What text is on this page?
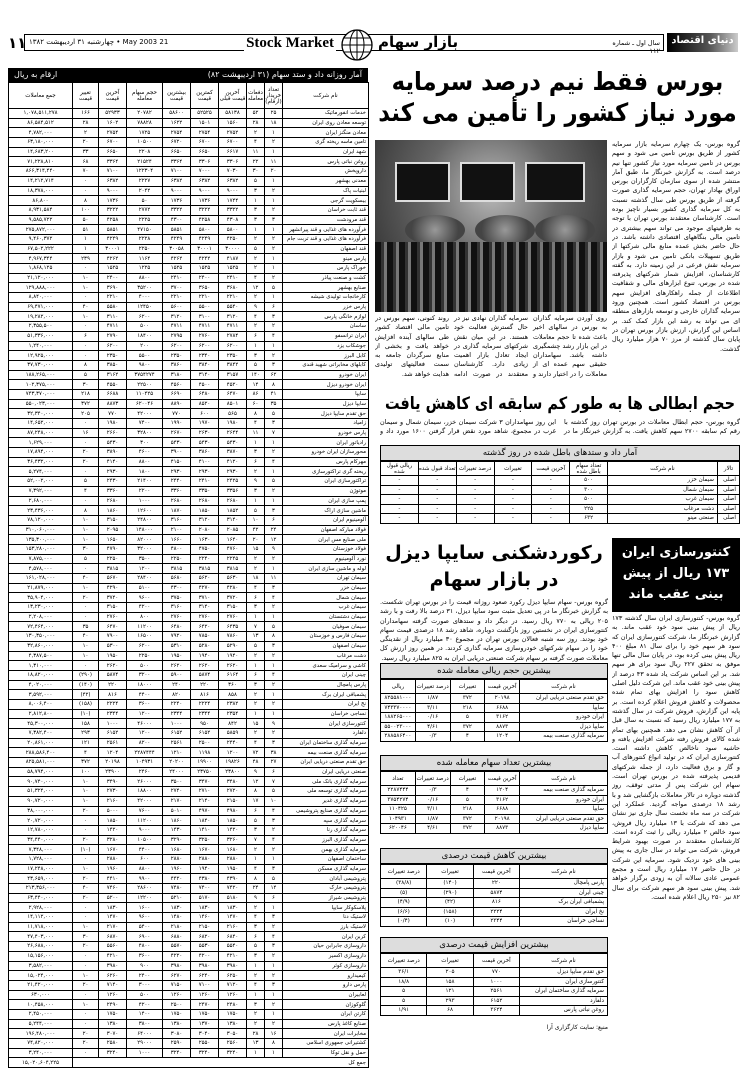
۱۱ 21 May 2003 • چهارشنبه ۳۱ اردیبهشت ۱۳۸۲	Stock Market	بازار سهام	سال اول ـ شماره ۱۱۲
دنیای اقتصاد
آمار روزانه داد و ستد سهام (۳۱ اردیبهشت ۸۲)
ارقام به ریال
نام شرکت	تعداد خریدار (ارقام)	دفعات معامله	آخرین قیمت قبلی	کمترین قیمت	بیشترین قیمت	حجم سهام معامله	آخرین قیمت	تغییر قیمت	جمع معاملات
خدمات انفورماتیک	۲۵	۵۲	۵۸۱۳۸	۵۲۵۲۵	۵۸۶۰۰	۲۰۷۸۲	۵۲۹۳۳	۱۶۶	۱,۰۷۸,۵۱۱,۲۷۸
توسعه معادن روی ایران	۱۸	۲۸	۱۵۶۰	۱۵۰۱	۱۶۲۲	۷۸۸۲۸	۱۶۰۲	۲۸	۸۶,۵۸۴,۵۱۲
معادن منگنز ایران	۱	۲	۲۷۵۲	۲۷۵۴	۲۷۵۴	۱۷۲۵	۲۷۵۴	۲	۴,۷۸۲,۰۰۰
تامین ماسه ریخته گری	۲	۴	۶۷۰۰	۶۷۰۰	۶۷۲۰	۱۰۵۰۰	۶۷۰۰	۲۰	۶۳,۱۸۰,۰۰۰
شهد ایران	۱	۱۱	۶۶۱۷	۶۶۵۰	۶۶۵۰	۲۲۰۸	۶۶۵۰	۳۳	۱۴,۶۸۳,۲۰۰
روغن نباتی پارس	۱۱	۲۲	۳۳۰۶	۳۳۰۶	۳۳۶۴	۲۱۵۲۴	۳۳۶۴	۶۸	۷۱,۲۲۸,۸۱۰
داروپخش	۲۰	۳۰	۷۰۳۰	۷۰۰۰	۷۱۰۰	۱۲۲۳۰۴	۷۱۰۰	۷۰	۸۶۶,۳۱۴,۴۴۰
معدنی بهشهر	۱	۵	۶۳۸۲	۶۳۸۲	۶۳۸۲	۲۲۲۷	۶۳۸۲	۰	۱۴,۲۱۲,۷۱۴
لبنیات پاک	۲	۳	۹۰۰۰	۹۰۰۰	۹۰۰۰	۲۰۴۲	۹۰۰۰	۰	۱۸,۳۷۸,۰۰۰
بیسکویت گرجی	۱	۱	۱۷۴۴	۱۷۳۶	۱۷۳۶	۵۰	۱۷۳۶	۸	۸۶,۸۰۰
قند ثابت خراسان	۲	۳	۳۳۲۲	۳۲۲۲	۳۳۲۲	۲۷۷۲	۳۲۲۲	۱۰۰	۸,۹۳۱,۵۸۴
قند مرودشت	۳	۳	۴۳۰۸	۴۲۵۸	۴۳۰۰	۲۲۲۵	۴۲۵۸	۵۰	۹,۵۸۵,۷۲۲
فرآورده های غذایی و قند پیرانشهر	۱	۱	۵۸۰۰	۵۸۰۰	۵۸۵۱	۴۷۱۵۰	۵۸۵۱	۵۱	۲۷۵,۸۷۲,۰۰۰
فرآورده های غذایی و قند تربت جام	۲	۲	۴۲۵۰	۴۲۴۹	۴۲۴۹	۲۲۲۸	۴۲۴۹	۱	۹,۴۶۰,۳۷۲
قند اصفهان	۲	۵	۳۰۰۰۰	۳۰۰۰۱	۳۰۰۵۸	۲۲۵۰	۳۰۰۰۱	۱	۶۷,۵۰۲,۲۲۲
پارس مینو	۱	۲	۴۱۸۷	۴۲۴۲	۴۲۶۲	۱۱۶۴	۴۲۶۲	۲۳۹	۴,۹۶۷,۳۴۴
خوراک پارس	۱	۲	۱۵۲۵	۱۵۲۵	۱۵۲۵	۱۲۲۵	۱۵۲۵	۰	۱,۸۶۸,۱۲۵
کشت و صنعت پیاذر	۲	۴	۲۴۱۰	۲۴۰۰	۲۴۱۰	۸۸۰۰	۲۴۰۰	۱۰	۲۱,۱۲۰,۰۰۰
صنایع بهشهر	۵	۱۲	۳۶۸۰	۳۶۵۰	۳۷۰۰	۳۵۲۰۰	۳۶۹۰	۱۰	۱۲۹,۸۸۸,۰۰۰
کارخانجات تولیدی شیشه	۱	۲	۲۲۱۰	۲۲۱۰	۲۲۱۰	۴۰۰۰	۲۲۱۰	۰	۸,۸۴۰,۰۰۰
پارس خزر	۶	۹	۵۵۴۰	۵۵۰۰	۵۶۰۰	۱۲۴۵۰	۵۵۸۰	۴۰	۶۹,۴۷۱,۰۰۰
لوازم خانگی پارس	۳	۴	۳۱۲۰	۳۱۰۰	۳۱۲۰	۶۲۰۰	۳۱۱۰	۱۰	۱۹,۲۸۲,۰۰۰
ساسان	۲	۲	۴۷۱۱	۴۷۱۱	۴۷۱۱	۵۰۰	۴۷۱۱	۰	۲,۳۵۵,۵۰۰
ایران ترانسفو	۴	۶	۲۷۸۴	۲۷۶۰	۲۷۹۵	۱۸۴۰۰	۲۷۹۰	۶	۵۱,۳۳۶,۰۰۰
جوشکاب یزد	۱	۱	۶۲۰۰	۶۲۰۰	۶۲۰۰	۲۰۰	۶۲۰۰	۰	۱,۲۴۰,۰۰۰
کابل البرز	۲	۳	۲۳۵۰	۲۳۴۰	۲۳۵۰	۵۵۰۰	۲۳۵۰	۰	۱۲,۹۲۵,۰۰۰
کابلهای مخابراتی شهید قندی	۳	۵	۳۸۴۲	۳۸۴۰	۳۸۶۰	۹۸۰۰	۳۸۵۰	۸	۳۷,۷۳۰,۰۰۰
ایران خودرو	۶۲	۱۴۰	۳۱۵۷	۳۱۴۰	۳۱۸۰	۳۷۵۴۲۷۴	۳۱۶۲	۵	۱۸۸,۲۶۵,۰۰۰
ایران خودرو دیزل	۸	۱۴	۴۵۲۰	۴۵۰۰	۴۵۶۰	۲۲۵۰۰	۴۵۵۰	۳۰	۱۰۲,۳۷۵,۰۰۰
سایپا	۴۱	۸۶	۶۴۷۰	۶۴۸۰	۶۶۹۰	۱۱۰۴۲۵	۶۶۸۸	۲۱۸	۷۴۳,۳۷۰,۰۰۰
سایپا دیزل	۳۵	۶۰	۸۵۰۱	۸۵۲۰	۸۸۹۰	۶۲۰۰۴۶	۸۸۷۳	۳۷۲	۵۵۰,۰۲۳,۰۰۰
حق تقدم سایپا دیزل	۵	۸	۵۶۵	۶۰۰	۷۷۰	۴۲۰۰۰	۷۷۰	۲۰۵	۳۲,۳۴۰,۰۰۰
زامیاد	۳	۴	۱۹۸۰	۱۹۷۰	۱۹۹۰	۷۴۰۰	۱۹۸۰	۰	۱۴,۶۵۲,۰۰۰
پارس خودرو	۷	۱۱	۲۶۴۴	۲۶۳۰	۲۶۷۰	۳۲۸۰۰	۲۶۶۰	۱۶	۸۷,۲۴۸,۰۰۰
رادیاتور ایران	۱	۱	۵۴۳۰	۵۴۳۰	۵۴۳۰	۳۰۰	۵۴۳۰	۰	۱,۶۲۹,۰۰۰
محورسازان ایران خودرو	۲	۳	۳۸۷۰	۳۸۶۰	۳۹۰۰	۴۶۰۰	۳۸۹۰	۲۰	۱۷,۸۹۴,۰۰۰
مهرکام پارس	۴	۶	۴۱۲۰	۴۱۰۰	۴۱۵۰	۸۸۰۰	۴۱۴۰	۲۰	۳۶,۴۳۲,۰۰۰
ریخته گری تراکتورسازی	۱	۲	۲۹۳۰	۲۹۳۰	۲۹۳۰	۱۸۰۰	۲۹۳۰	۰	۵,۲۷۴,۰۰۰
تراکتورسازی ایران	۵	۹	۲۴۲۵	۲۴۱۰	۲۴۴۰	۲۱۴۰۰	۲۴۳۰	۵	۵۲,۰۰۲,۰۰۰
موتوژن	۲	۳	۳۳۵۶	۳۳۵۰	۳۳۶۰	۲۲۰۰	۳۳۶۰	۴	۷,۳۹۲,۰۰۰
پمپ سازی ایران	۱	۱	۲۶۸۰	۲۶۸۰	۲۶۸۰	۱۰۰۰	۲۶۸۰	۰	۲,۶۸۰,۰۰۰
ماشین سازی اراک	۳	۵	۱۸۵۲	۱۸۵۰	۱۸۷۰	۱۲۶۰۰	۱۸۶۰	۸	۲۳,۴۳۶,۰۰۰
آلومینیوم ایران	۶	۱۰	۳۱۴۰	۳۱۲۰	۳۱۶۰	۲۴۸۰۰	۳۱۵۰	۱۰	۷۸,۱۲۰,۰۰۰
فولاد مبارکه اصفهان	۲۴	۴۲	۲۰۸۵	۲۰۸۰	۲۱۰۰	۱۴۸۰۰۰	۲۰۹۵	۱۰	۳۱۰,۰۶۰,۰۰۰
ملی صنایع مس ایران	۱۲	۲۰	۱۶۴۰	۱۶۳۰	۱۶۶۰	۸۲۰۰۰	۱۶۵۰	۱۰	۱۳۵,۳۰۰,۰۰۰
فولاد خوزستان	۹	۱۵	۴۷۶۰	۴۷۵۰	۴۸۰۰	۳۲۰۰۰	۴۷۹۰	۳۰	۱۵۳,۲۸۰,۰۰۰
نورد آلومینیوم	۲	۲	۲۲۴۵	۲۲۴۰	۲۲۵۰	۳۵۰۰	۲۲۵۰	۵	۷,۸۷۵,۰۰۰
لوله و ماشین سازی ایران	۱	۲	۳۸۱۵	۳۸۱۵	۳۸۱۵	۱۲۰۰	۳۸۱۵	۰	۴,۵۷۸,۰۰۰
سیمان تهران	۱۱	۱۸	۵۶۳۰	۵۶۲۰	۵۶۸۰	۲۸۴۰۰	۵۶۷۰	۴۰	۱۶۱,۰۲۸,۰۰۰
سیمان خزر	۳	۴	۴۲۸۰	۴۲۷۰	۴۳۰۰	۵۱۰۰	۴۲۹۰	۱۰	۲۱,۸۷۹,۰۰۰
سیمان شمال	۴	۶	۳۷۲۰	۳۷۱۰	۳۷۵۰	۹۶۰۰	۳۷۴۰	۲۰	۳۵,۹۰۴,۰۰۰
سیمان غرب	۲	۳	۳۱۵۰	۳۱۴۰	۳۱۶۰	۴۲۰۰	۳۱۵۰	۰	۱۳,۲۳۰,۰۰۰
سیمان دشتستان	۱	۱	۲۷۶۰	۲۷۶۰	۲۷۶۰	۸۰۰	۲۷۶۰	۰	۲,۲۰۸,۰۰۰
سیمان صوفیان	۵	۷	۶۴۳۵	۶۴۲۰	۶۴۸۰	۱۱۲۰۰	۶۴۷۰	۳۵	۷۲,۴۶۴,۰۰۰
سیمان فارس و خوزستان	۸	۱۳	۷۸۶۰	۷۸۵۰	۷۹۲۰	۱۶۵۰۰	۷۹۰۰	۴۰	۱۳۰,۳۵۰,۰۰۰
سیمان اصفهان	۳	۵	۵۲۹۰	۵۲۸۰	۵۳۱۰	۶۲۰۰	۵۳۰۰	۱۰	۳۲,۸۶۰,۰۰۰
دشت مرغاب	۲	۲	۱۹۴۰	۱۹۴۰	۱۹۵۰	۲۲۵۰	۱۹۵۰	۱۰	۴,۳۸۷,۵۰۰
کاشی و سرامیک سعدی	۱	۱	۲۶۲۰	۲۶۲۰	۲۶۲۰	۵۰۰	۲۶۲۰	۰	۱,۳۱۰,۰۰۰
چینی ایران	۴	۶	۶۱۶۴	۵۸۷۴	۵۹۰۰	۳۲۰۰	۵۸۷۴	(۲۹۰)	۱۸,۸۲۰,۰۰۰
پارس پامچال	۲	۳	۳۶۰	۲۲۰	۲۴۰	۱۸۰۰۰	۲۲۰	(۱۴۰)	۴,۰۲۰,۰۰۰
پشمبافی ایران برک	۱	۲	۸۵۸	۸۱۶	۸۲۰	۴۴۰۰	۸۱۶	(۴۲)	۳,۵۹۲,۰۰۰
نخ ایران	۲	۲	۲۳۸۲	۲۲۲۴	۲۲۴۰	۳۶۰۰	۲۲۲۴	(۱۵۸)	۸,۰۰۶,۴۰۰
نساجی خراسان	۱	۱	۲۳۵۴	۲۳۴۴	۲۳۴۴	۱۲۰۰	۲۳۴۴	(۱۰)	۲,۸۱۲,۸۰۰
کنتورسازی ایران	۹	۱۵	۸۴۲	۹۵۰	۱۰۰۰	۴۶۰۰۰	۱۰۰۰	۱۵۸	۴۵,۳۰۰,۰۰۰
دلفارد	۲	۲	۵۸۵۹	۶۱۵۲	۶۱۵۲	۱۲۰۰	۶۱۵۲	۲۹۳	۷,۳۸۲,۴۰۰
سرمایه گذاری ساختمان ایران	۳	۴	۲۴۴۰	۲۵۰۰	۲۵۶۱	۸۲۰۰	۲۵۶۱	۱۲۱	۲۰,۸۶۱,۰۰۰
سرمایه گذاری صنعت بیمه	۳۸	۷۲	۱۲۰۰	۱۱۹۸	۱۲۱۰	۲۲۸۷۴۴۴	۱۲۰۴	۴	۲۸۸,۵۸۶,۴۰۰
حق تقدم صنعتی دریایی ایران	۲۷	۴۸	۱۹۸۲۶	۱۹۹۰۰	۲۰۲۰۰	۱۰۴۹۳۱	۲۰۱۹۸	۳۷۲	۸۲۵,۵۸۱,۰۰۰
صنعتی دریایی ایران	۶	۹	۲۳۸۰۰	۲۳۷۵۰	۲۴۰۰۰	۲۴۶۰	۲۳۹۰۰	۱۰۰	۵۸,۷۹۴,۰۰۰
سرمایه گذاری بانک ملی	۷	۱۲	۳۴۸۰	۳۴۷۰	۳۵۰۰	۲۶۰۰۰	۳۴۹۰	۱۰	۹۰,۷۴۰,۰۰۰
سرمایه گذاری توسعه ملی	۵	۸	۲۷۲۰	۲۷۱۰	۲۷۴۰	۱۸۸۰۰	۲۷۳۰	۱۰	۵۱,۳۲۴,۰۰۰
سرمایه گذاری غدیر	۱۰	۱۷	۲۱۵۰	۲۱۴۰	۲۱۷۰	۴۲۰۰۰	۲۱۶۰	۱۰	۹۰,۷۲۰,۰۰۰
سرمایه گذاری صنایع پتروشیمی	۴	۶	۴۹۸۰	۴۹۷۰	۵۰۱۰	۷۶۰۰	۵۰۰۰	۲۰	۳۸,۰۰۰,۰۰۰
سرمایه گذاری سپه	۳	۵	۱۸۵۰	۱۸۴۰	۱۸۶۰	۱۱۲۰۰	۱۸۵۰	۰	۲۰,۷۲۰,۰۰۰
سرمایه گذاری رنا	۲	۳	۱۴۲۰	۱۴۱۰	۱۴۳۰	۹۰۰۰	۱۴۲۰	۰	۱۲,۷۸۰,۰۰۰
سرمایه گذاری البرز	۴	۷	۳۲۶۰	۳۲۵۰	۳۲۹۰	۱۰۵۰۰	۳۲۸۰	۲۰	۳۴,۴۴۰,۰۰۰
سرمایه گذاری بهمن	۲	۲	۱۶۸۰	۱۶۷۰	۱۶۸۰	۴۴۰۰	۱۶۷۰	(۱۰)	۷,۳۴۸,۰۰۰
ساختمان اصفهان	۱	۱	۲۸۸۰	۲۸۸۰	۲۸۸۰	۶۰۰	۲۸۸۰	۰	۱,۷۲۸,۰۰۰
سرمایه گذاری مسکن	۳	۴	۱۹۵۰	۱۹۴۰	۱۹۶۰	۸۸۰۰	۱۹۶۰	۱۰	۱۷,۲۴۸,۰۰۰
پتروشیمی آبادان	۵	۸	۴۳۹۰	۴۳۸۰	۴۴۲۰	۹۹۰۰	۴۴۱۰	۲۰	۴۳,۶۵۹,۰۰۰
پتروشیمی خارک	۱۴	۲۴	۷۴۲۰	۷۴۰۰	۷۴۸۰	۲۸۶۰۰	۷۴۶۰	۴۰	۲۱۳,۳۵۶,۰۰۰
پتروشیمی شیراز	۶	۹	۵۱۸۰	۵۱۷۰	۵۲۱۰	۱۲۲۰۰	۵۲۰۰	۲۰	۶۳,۴۴۰,۰۰۰
پلاسکوکار سایپا	۱	۲	۱۸۳۰	۱۸۳۰	۱۸۳۰	۱۶۰۰	۱۸۳۰	۰	۲,۹۲۸,۰۰۰
لاستیک دنا	۳	۴	۱۴۷۰	۱۴۶۰	۱۴۸۰	۹۶۰۰	۱۴۷۰	۰	۱۴,۱۱۲,۰۰۰
لاستیک بارز	۲	۳	۲۱۶۰	۲۱۵۰	۲۱۸۰	۵۴۰۰	۲۱۷۰	۱۰	۱۱,۷۱۸,۰۰۰
کربن ایران	۴	۶	۶۸۴۰	۶۸۲۰	۶۸۸۰	۶۹۰۰	۶۸۷۰	۳۰	۴۷,۴۰۳,۰۰۰
داروسازی جابرابن حیان	۳	۵	۵۵۴۰	۵۵۳۰	۵۵۷۰	۴۸۰۰	۵۵۶۰	۲۰	۲۶,۶۸۸,۰۰۰
داروسازی اکسیر	۲	۳	۴۲۱۰	۴۲۰۰	۴۲۲۰	۳۶۰۰	۴۲۱۰	۰	۱۵,۱۵۶,۰۰۰
داروسازی کوثر	۱	۱	۳۹۸۰	۳۹۸۰	۳۹۸۰	۹۰۰	۳۹۸۰	۰	۳,۵۸۲,۰۰۰
کیمیدارو	۲	۲	۶۲۵۰	۶۲۴۰	۶۲۷۰	۲۴۰۰	۶۲۶۰	۱۰	۱۵,۰۲۴,۰۰۰
پارس دارو	۳	۴	۷۱۲۰	۷۱۰۰	۷۱۵۰	۳۰۰۰	۷۱۴۰	۲۰	۲۱,۴۲۰,۰۰۰
لعابیران	۱	۱	۱۲۶۰	۱۲۶۰	۱۲۶۰	۵۰۰	۱۲۶۰	۰	۶۳۰,۰۰۰
گلوکوزان	۲	۳	۲۴۸۰	۲۴۷۰	۲۵۰۰	۴۲۰۰	۲۴۹۰	۱۰	۱۰,۴۵۸,۰۰۰
کارتن ایران	۱	۲	۱۷۵۰	۱۷۵۰	۱۷۵۰	۱۴۰۰	۱۷۵۰	۰	۲,۴۵۰,۰۰۰
صنایع کاغذ پارس	۲	۲	۱۳۸۰	۱۳۷۰	۱۳۸۰	۳۸۰۰	۱۳۸۰	۰	۵,۲۴۴,۰۰۰
مخابرات ایران	۱۶	۲۸	۳۰۵۰	۳۰۴۰	۳۰۸۰	۶۴۰۰۰	۳۰۷۰	۲۰	۱۹۶,۴۸۰,۰۰۰
کشتیرانی جمهوری اسلامی	۸	۱۳	۲۵۶۰	۲۵۵۰	۲۵۹۰	۲۹۰۰۰	۲۵۸۰	۲۰	۷۴,۸۲۰,۰۰۰
حمل و نقل توکا	۱	۱	۳۲۴۰	۳۲۴۰	۳۲۴۰	۱۰۰۰	۳۲۴۰	۰	۳,۲۴۰,۰۰۰
جمع کل									۱۵,۰۲۰,۶۰۴,۲۲۵
بورس فقط نیم درصد سرمایه مورد نیاز کشور را تأمین می کند
گروه بورس- یک چهارم سرمایه بازار سرمایه کشور از طریق بورس تامین می شود و سهم بورس در تامین سرمایه مورد نیاز کشور تنها نیم درصد است. به گزارش خبرنگار ما، طبق آمار منتشر شده از سوی سازمان کارگزاران بورس اوراق بهادار تهران، حجم سرمایه گذاری صورت گرفته از طریق بورس طی سال گذشته نسبت به کل سرمایه گذاری کشور بسیار ناچیز بوده است. کارشناسان معتقدند بورس تهران با توجه به ظرفیتهای موجود می تواند سهم بیشتری در تامین مالی بنگاههای اقتصادی داشته باشد. در حال حاضر بخش عمده منابع مالی شرکتها از طریق تسهیلات بانکی تامین می شود و بازار سرمایه نقش فرعی در این زمینه دارد. به گفته کارشناسان، افزایش شمار شرکتهای پذیرفته شده در بورس، تنوع ابزارهای مالی و شفافیت اطلاعات از جمله راهکارهای افزایش سهم بورس در اقتصاد کشور است. همچنین ورود سرمایه گذاران خارجی و توسعه بازارهای منطقه ای می تواند به رشد این بازار کمک کند. بر اساس این گزارش، ارزش بازار بورس تهران در پایان سال گذشته از مرز ۷۰ هزار میلیارد ریال گذشت.
روی آوردن سرمایه گذاران به بورس در سالهای اخیر باعث شده تا حجم معاملات در این بازار رشد چشمگیری داشته باشد. سهامداران حقیقی سهم عمده ای از معاملات را در اختیار دارند و سرمایه گذاران نهادی نیز در حال گسترش فعالیت خود هستند. در این میان نقش شرکتهای سرمایه گذاری در ایجاد تعادل بازار اهمیت زیادی دارد. کارشناسان معتقدند در صورت ادامه روند کنونی، سهم بورس در تامین مالی اقتصاد کشور طی سالهای آینده افزایش خواهد یافت و بخشی از منابع سرگردان جامعه به سمت فعالیتهای تولیدی هدایت خواهد شد.
حجم ابطالی ها به طور کم سابقه ای کاهش یافت
گروه بورس- حجم ابطال معاملات در بورس تهران روز گذشته با رقم کم سابقه ۲۷۰۰ سهم کاهش یافت. به گزارش خبرنگار ما در این روز سهامداران ۳ شرکت سیمان خزر، سیمان شمال و سیمان غرب در مجموع، شاهد مورد نقض قرار گرفتن ۱۶۰۰ مورد داد و
آمار داد و ستدهای باطل شده در روز گذشته
تالار	نام شرکت	تعداد سهام باطل شده	آخرین قیمت	تغییرات	درصد تغییرات	تعداد قبول شده	ریالی قبول شده
اصلی	سیمان خزر	۵۰۰	-	-	-	-	-
اصلی	سیمان شمال	۳۰۰	-	-	-	-	-
اصلی	سیمان غرب	۵۰۰	-	-	-	-	-
اصلی	دشت مرغاب	۲۲۵	-	-	-	-	-
اصلی	صنعتی مینو	۶۳۲	-	-	-	-	-
رکوردشکنی سایپا دیزل در بازار سهام
گروه بورس- سهام سایپا دیزل رکورد صعود روزانه قیمت را در بورس تهران شکست. به گزارش خبرنگار ما در پی تعدیل مثبت سود سایپا دیزل، ۳۱ درصد بالا رفت و با رشد ۲۰۵ ریالی به ۷۷۰ ریال رسید. در دیگر داد و ستدهای صورت گرفته سهامداران کنتورسازی ایران در نخستین روز بازگشت دوباره، شاهد رشد ۱۸ درصدی قیمت سهام خود بودند. روز سه شنبه فعالان بورس تهران در مجموع ۳۰ میلیارد ریال از نقدینگی خود را در سهام شرکتهای خودروسازی سرمایه گذاری کردند. در همین روز ارزش کل معاملات صورت گرفته بر سهام شرکت صنعتی دریایی ایران به ۸۲۵ میلیارد ریال رسید.
بیشترین حجم ریالی معامله شده
نام شرکت	آخرین قیمت	تغییرات	درصد تغییرات	ریالی
حق تقدم صنعتی دریایی ایران	۲۰۱۹۸	۳۷۲	۱/۸۷	۸۲۵۵۸۱۰۰۰
سایپا	۶۶۸۸	۲۱۸	۳/۱۱	۷۴۳۳۷۰۰۰۰
ایران خودرو	۳۱۶۲	۵	۰/۱۶	۱۸۸۲۶۵۰۰۰
سایپا دیزل	۸۸۷۳	۳۷۲	۴/۶۱	۵۵۰۰۲۳۰۰۰
سرمایه گذاری صنعت بیمه	۱۲۰۴	۴	۰/۳	۲۸۸۵۸۶۴۰۰
بیشترین تعداد سهام معامله شده
نام شرکت	آخرین قیمت	تغییرات	درصد تغییرات	تعداد
سرمایه گذاری صنعت بیمه	۱۲۰۴	۴	۰/۳	۲۲۸۷۴۴۴
ایران خودرو	۳۱۶۲	۵	۰/۱۶	۳۷۵۴۲۷۴
سایپا	۶۶۸۸	۲۱۸	۳/۱۱	۱۱۰۴۲۵
حق تقدم صنعتی دریایی ایران	۲۰۱۹۸	۳۷۲	۱/۸۷	۱۰۴۹۳۱
سایپا دیزل	۸۸۷۳	۳۷۲	۴/۶۱	۶۲۰۰۴۶
بیشترین کاهش قیمت درصدی
نام شرکت	آخرین قیمت	تغییرات	درصد تغییرات
پارس پامچال	۲۲۰	(۱۴۰)	(۳۸/۸)
چینی ایران	۵۸۷۴	(۲۹۰)	(۵)
پشمبافی ایران برک	۸۱۶	(۴۲)	(۴/۹)
نخ ایران	۲۲۲۴	(۱۵۸)	(۶/۶)
نساجی خراسان	۲۳۴۴	(۱۰)	(۰/۴)
بیشترین افزایش قیمت درصدی
نام شرکت	آخرین قیمت	تغییرات	درصد تغییرات
حق تقدم سایپا دیزل	۷۷۰	۲۰۵	۳۶/۱
کنتورسازی ایران	۱۰۰۰	۱۵۸	۱۸/۸
سرمایه گذاری ساختمان ایران	۲۵۶۱	۱۲۱	۵
دلفارد	۶۱۵۲	۲۹۳	۵
روغن نباتی پارس	۳۶۲۴	۶۸	۱/۹۱
منبع: سایت کارگزاری آرا
کنتورسازی ایران ۱۷۳ ریال از پیش بینی عقب ماند
گروه بورس- کنتورسازی ایران سال گذشته ۱۷۳ ریال از پیش بینی سود خود عقب ماند. به گزارش خبرنگار ما، شرکت کنتورسازی ایران که سود هر سهم خود را برای سال ۸۱ مبلغ ۴۰۰ ریال پیش بینی کرده بود، در پایان سال مالی تنها موفق به تحقق ۲۲۷ ریال سود برای هر سهم شد. بر این اساس شرکت یاد شده ۴۳ درصد از پیش بینی خود عقب ماند. این شرکت دلیل اصلی کاهش سود را افزایش بهای تمام شده محصولات و کاهش فروش اعلام کرده است. بر پایه این گزارش، فروش شرکت در سال گذشته به ۱۷۷ میلیارد ریال رسید که نسبت به سال قبل از آن کاهش نشان می دهد. همچنین بهای تمام شده کالای فروش رفته شرکت افزایش یافته و حاشیه سود ناخالص کاهش داشته است. کنتورسازی ایران که در تولید انواع کنتورهای آب و گاز و برق فعالیت دارد، از جمله شرکتهای قدیمی پذیرفته شده در بورس تهران است. سهام این شرکت پس از مدتی توقف، روز گذشته دوباره در تالار معاملات بازگشایی شد و با رشد ۱۸ درصدی مواجه گردید. عملکرد این شرکت در سه ماه نخست سال جاری نیز نشان می دهد که شرکت با ۱۳ میلیارد ریال فروش، سود خالص ۲ میلیارد ریالی را ثبت کرده است. کارشناسان معتقدند در صورت بهبود شرایط فروش، شرکت می تواند در سال جاری به پیش بینی های خود نزدیک شود. سرمایه این شرکت در حال حاضر ۱۷ میلیارد ریال است و مجمع عمومی عادی سالانه آن به زودی برگزار خواهد شد. پیش بینی سود هر سهم شرکت برای سال ۸۲ نیز ۲۵۰ ریال اعلام شده است.
